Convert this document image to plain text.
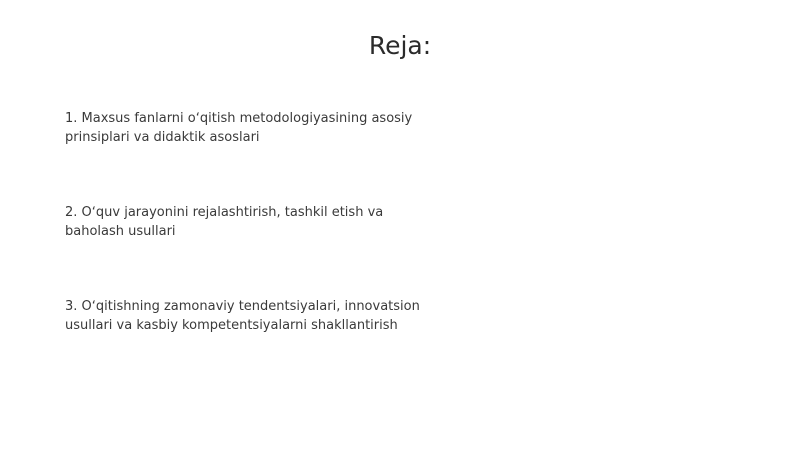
Reja:
1. Maxsus fanlarni oʻqitish metodologiyasining asosiy
prinsiplari va didaktik asoslari
2. Oʻquv jarayonini rejalashtirish, tashkil etish va
baholash usullari
3. Oʻqitishning zamonaviy tendentsiyalari, innovatsion
usullari va kasbiy kompetentsiyalarni shakllantirish
